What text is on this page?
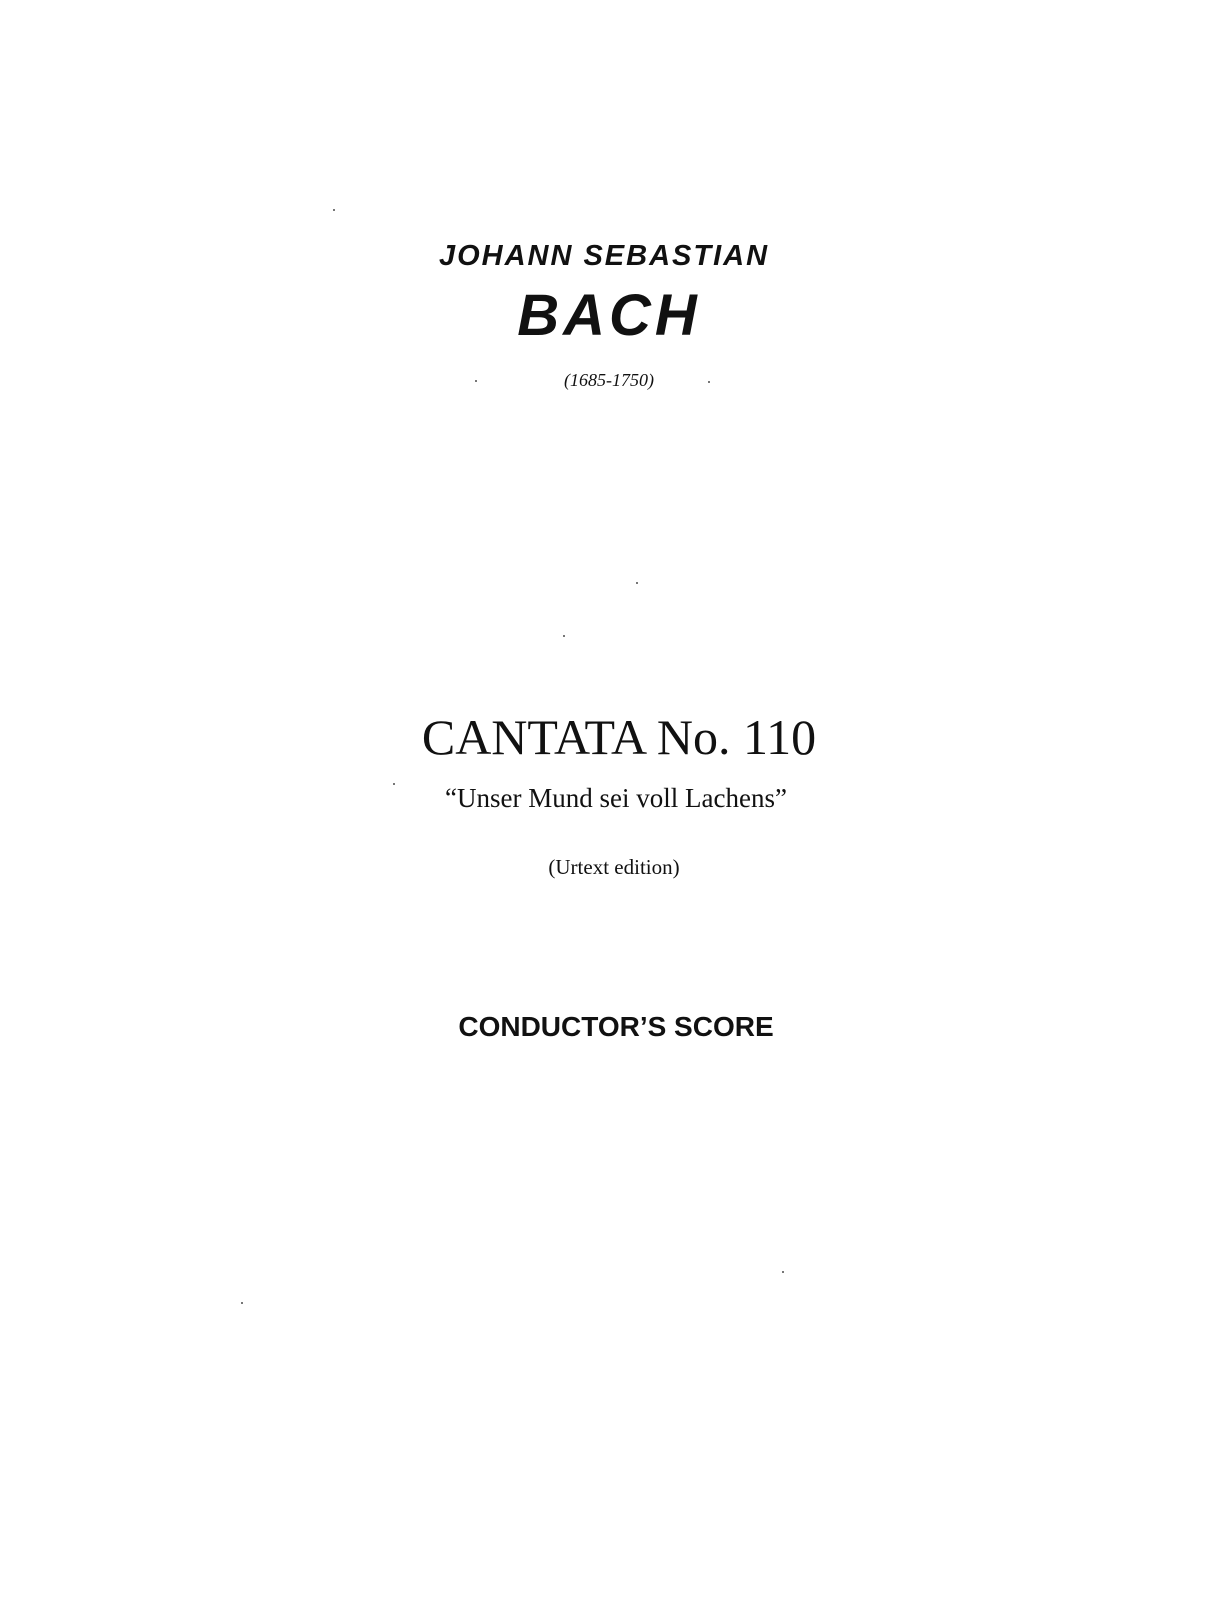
JOHANN SEBASTIAN
BACH
(1685-1750)
CANTATA No. 110
“Unser Mund sei voll Lachens”
(Urtext edition)
CONDUCTOR’S SCORE
